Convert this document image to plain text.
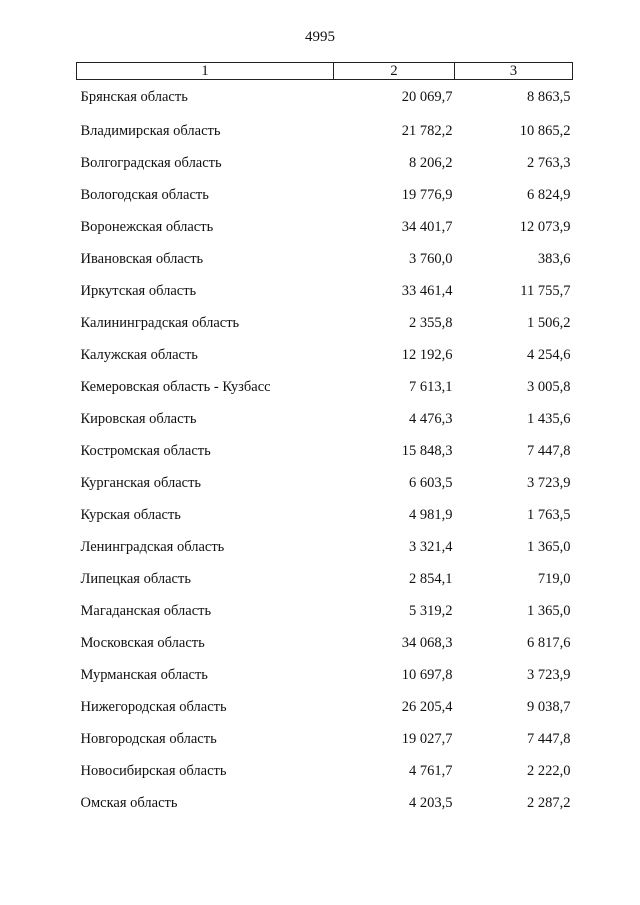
4995
1	2	3
Брянская область	20 069,7	8 863,5
Владимирская область	21 782,2	10 865,2
Волгоградская область	8 206,2	2 763,3
Вологодская область	19 776,9	6 824,9
Воронежская область	34 401,7	12 073,9
Ивановская область	3 760,0	383,6
Иркутская область	33 461,4	11 755,7
Калининградская область	2 355,8	1 506,2
Калужская область	12 192,6	4 254,6
Кемеровская область - Кузбасс	7 613,1	3 005,8
Кировская область	4 476,3	1 435,6
Костромская область	15 848,3	7 447,8
Курганская область	6 603,5	3 723,9
Курская область	4 981,9	1 763,5
Ленинградская область	3 321,4	1 365,0
Липецкая область	2 854,1	719,0
Магаданская область	5 319,2	1 365,0
Московская область	34 068,3	6 817,6
Мурманская область	10 697,8	3 723,9
Нижегородская область	26 205,4	9 038,7
Новгородская область	19 027,7	7 447,8
Новосибирская область	4 761,7	2 222,0
Омская область	4 203,5	2 287,2
